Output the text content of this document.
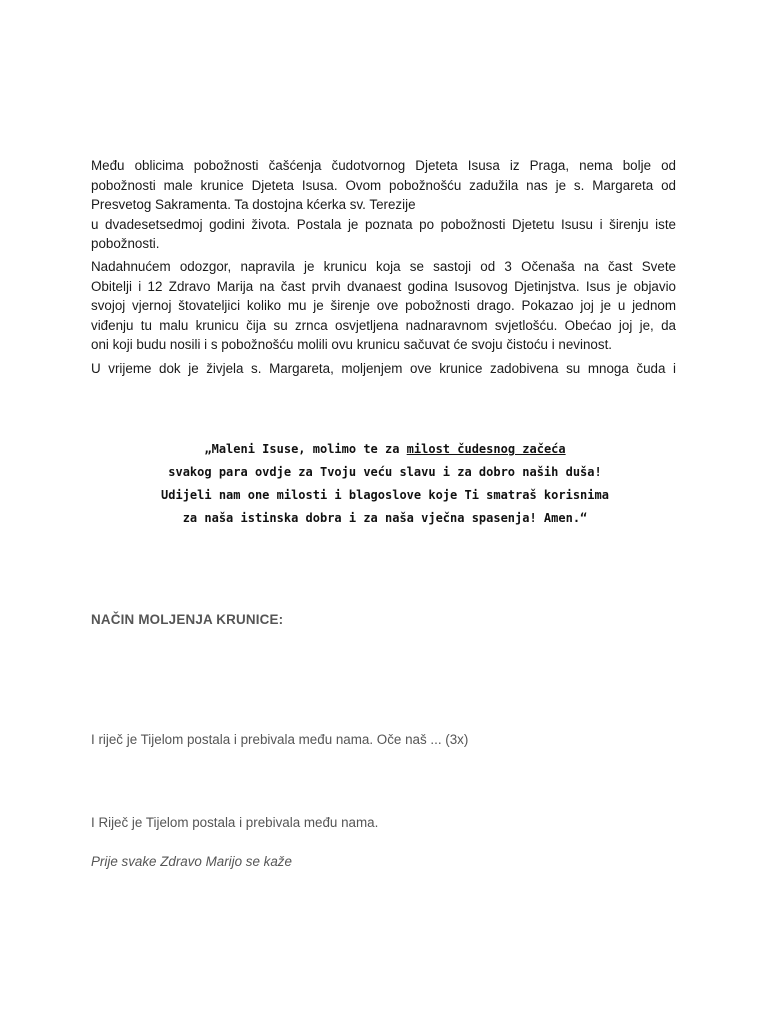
Među oblicima pobožnosti čašćenja čudotvornog Djeteta Isusa iz Praga, nema bolje od
pobožnosti male krunice Djeteta Isusa. Ovom pobožnošću zadužila nas je s. Margareta od
Presvetog Sakramenta. Ta dostojna kćerka sv. Terezije
u dvadesetsedmoj godini života. Postala je poznata po pobožnosti Djetetu Isusu i širenju iste
pobožnosti.

Nadahnućem odozgor, napravila je krunicu koja se sastoji od 3 Očenaša na čast Svete
Obitelji i 12 Zdravo Marija na čast prvih dvanaest godina Isusovog Djetinjstva. Isus je objavio
svojoj vjernoj štovateljici koliko mu je širenje ove pobožnosti drago. Pokazao joj je u jednom
viđenju tu malu krunicu čija su zrnca osvjetljena nadnaravnom svjetlošću. Obećao joj je, da
oni koji budu nosili i s pobožnošću molili ovu krunicu sačuvat će svoju čistoću i nevinost.

U vrijeme dok je živjela s. Margareta, moljenjem ove krunice zadobivena su mnoga čuda i

„Maleni Isuse, molimo te za milost čudesnog začeća
svakog para ovdje za Tvoju veću slavu i za dobro naših duša!
Udijeli nam one milosti i blagoslove koje Ti smatraš korisnima
za naša istinska dobra i za naša vječna spasenja! Amen.“

NAČIN MOLJENJA KRUNICE:

I riječ je Tijelom postala i prebivala među nama. Oče naš ... (3x)

I Riječ je Tijelom postala i prebivala među nama.

Prije svake Zdravo Marijo se kaže
